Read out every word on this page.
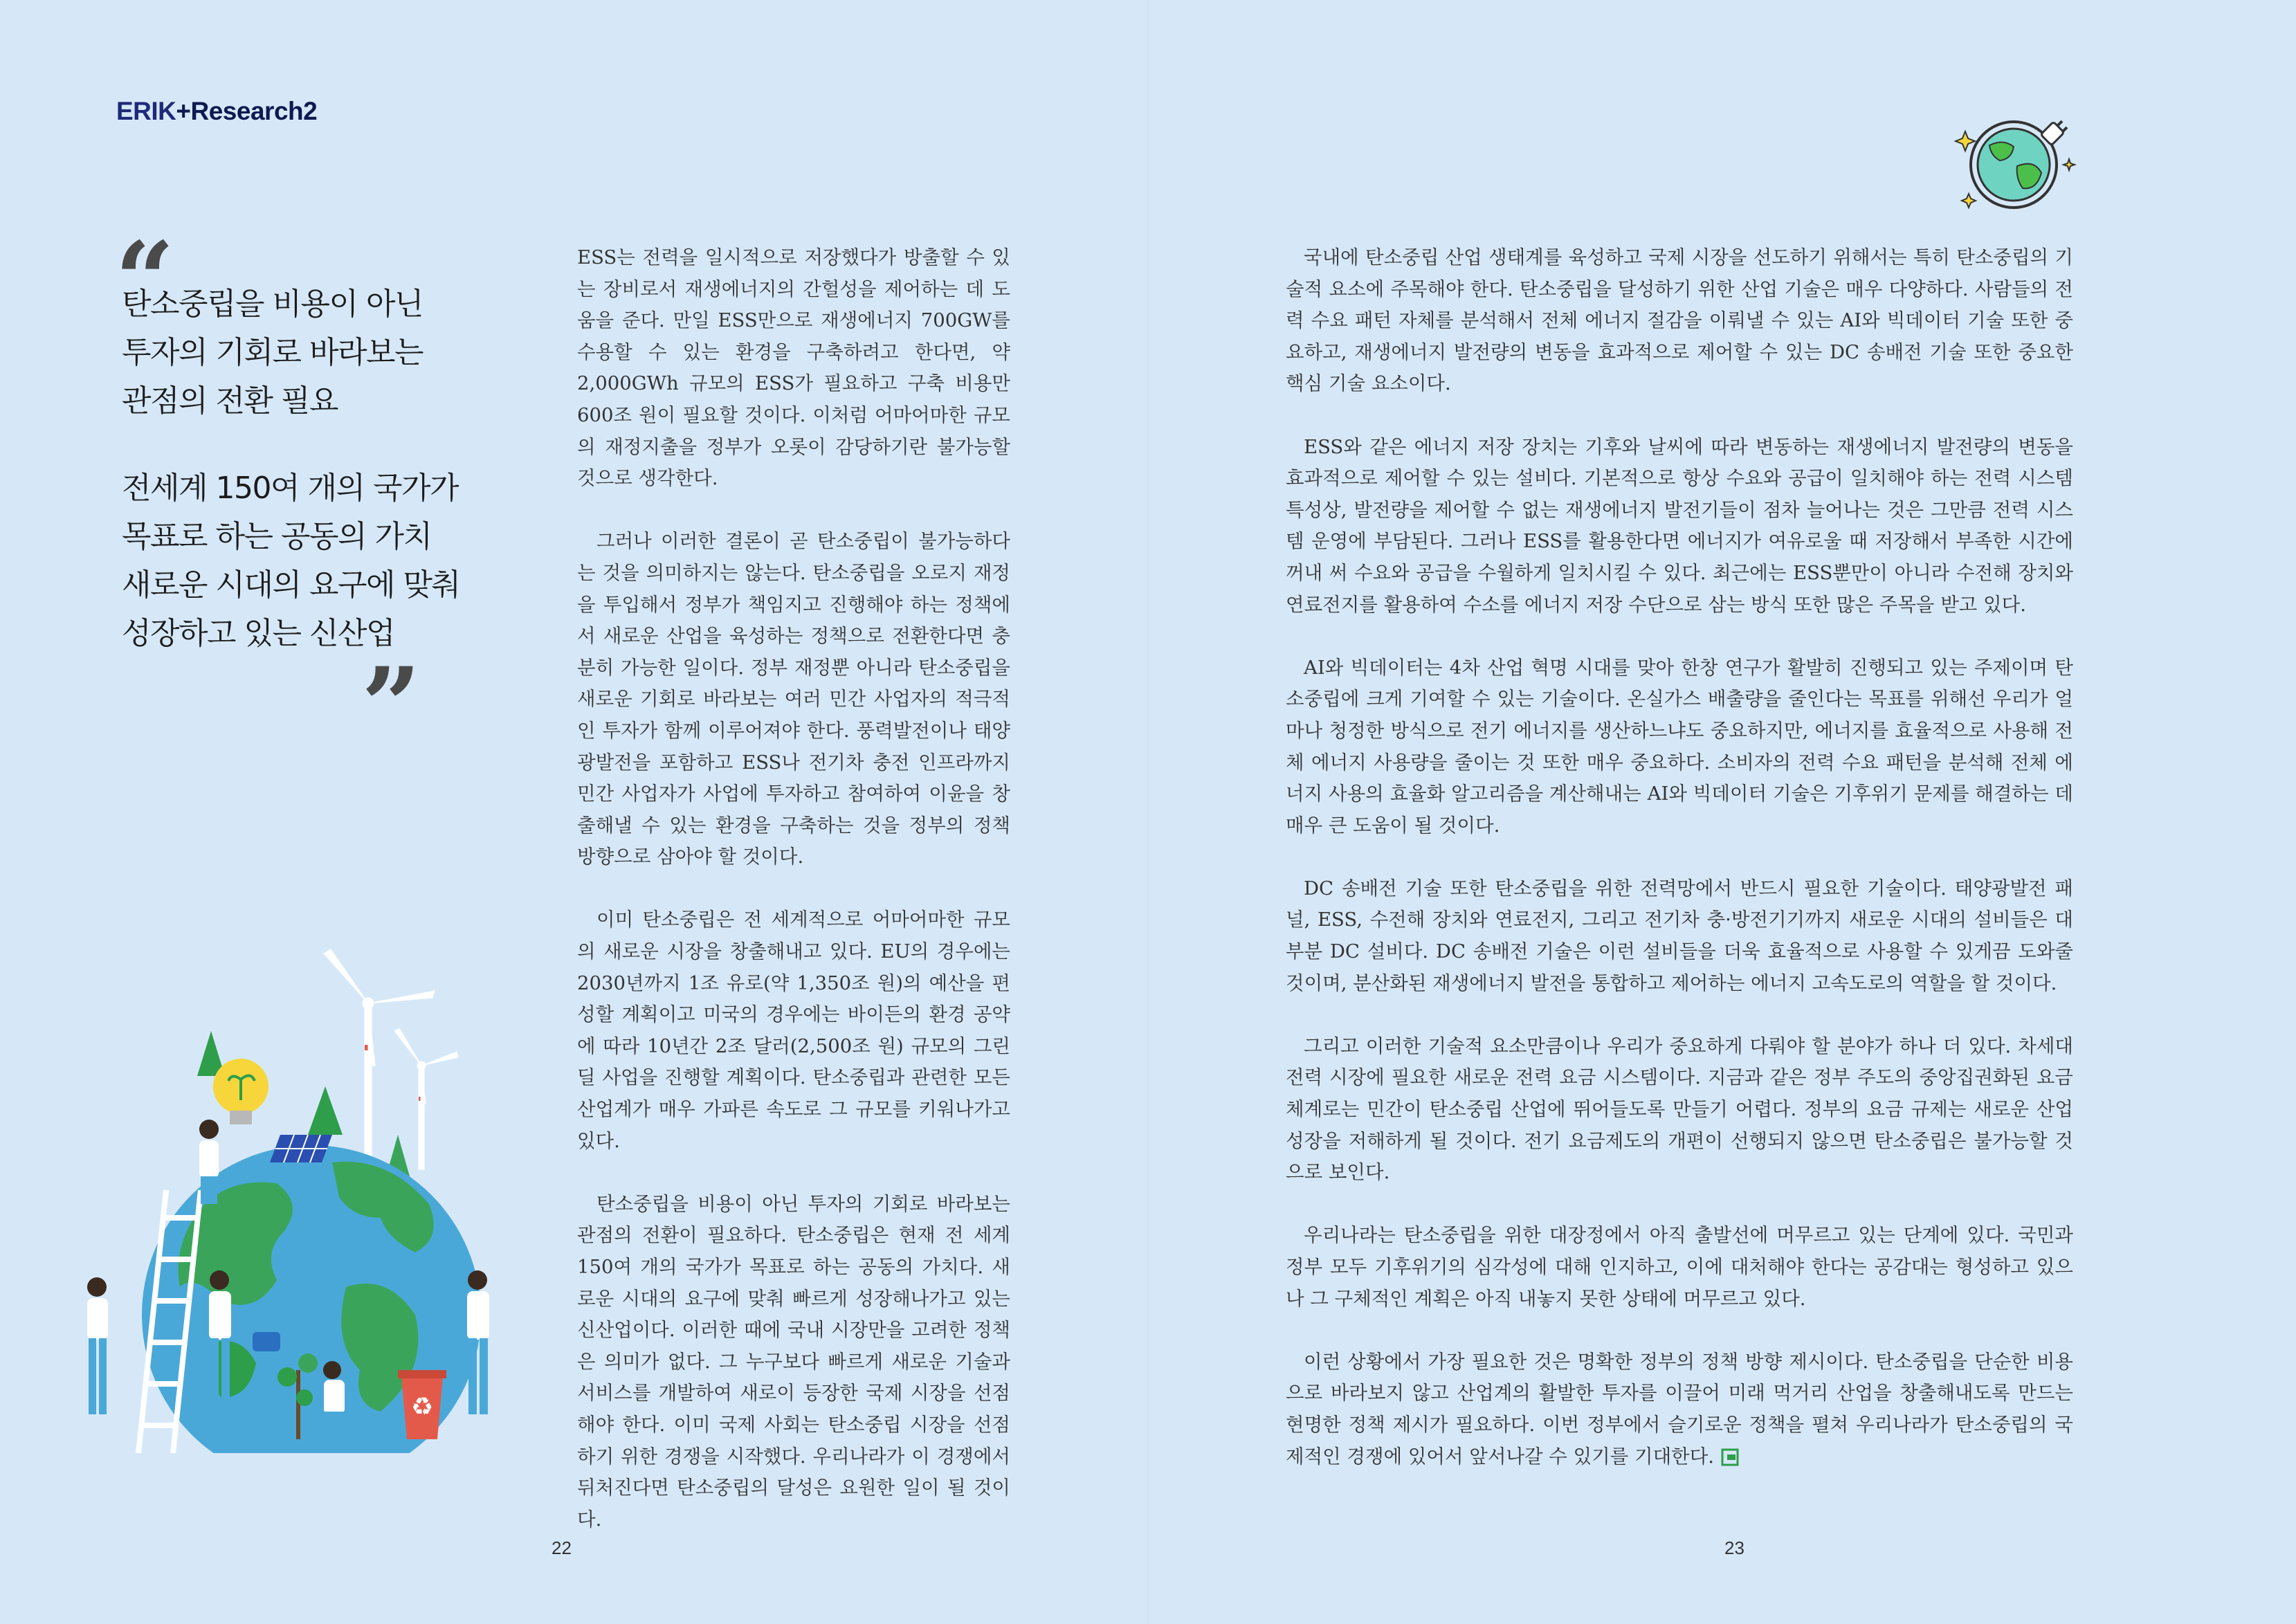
ERIK+Research2
“
탄소중립을 비용이 아닌
투자의 기회로 바라보는
관점의 전환 필요
전세계 150여 개의 국가가
목표로 하는 공동의 가치
새로운 시대의 요구에 맞춰
성장하고 있는 신산업
”
♻

ESS는 전력을 일시적으로 저장했다가 방출할 수 있는 장비로서 재생에너지의 간헐성을 제어하는 데 도움을 준다. 만일 ESS만으로 재생에너지 700GW를 수용할 수 있는 환경을 구축하려고 한다면, 약 2,000GWh 규모의 ESS가 필요하고 구축 비용만 600조 원이 필요할 것이다. 이처럼 어마어마한 규모의 재정지출을 정부가 오롯이 감당하기란 불가능할 것으로 생각한다.

그러나 이러한 결론이 곧 탄소중립이 불가능하다는 것을 의미하지는 않는다. 탄소중립을 오로지 재정을 투입해서 정부가 책임지고 진행해야 하는 정책에서 새로운 산업을 육성하는 정책으로 전환한다면 충분히 가능한 일이다. 정부 재정뿐 아니라 탄소중립을 새로운 기회로 바라보는 여러 민간 사업자의 적극적인 투자가 함께 이루어져야 한다. 풍력발전이나 태양광발전을 포함하고 ESS나 전기차 충전 인프라까지 민간 사업자가 사업에 투자하고 참여하여 이윤을 창출해낼 수 있는 환경을 구축하는 것을 정부의 정책 방향으로 삼아야 할 것이다.

이미 탄소중립은 전 세계적으로 어마어마한 규모의 새로운 시장을 창출해내고 있다. EU의 경우에는 2030년까지 1조 유로(약 1,350조 원)의 예산을 편성할 계획이고 미국의 경우에는 바이든의 환경 공약에 따라 10년간 2조 달러(2,500조 원) 규모의 그린딜 사업을 진행할 계획이다. 탄소중립과 관련한 모든 산업계가 매우 가파른 속도로 그 규모를 키워나가고 있다.

탄소중립을 비용이 아닌 투자의 기회로 바라보는 관점의 전환이 필요하다. 탄소중립은 현재 전 세계 150여 개의 국가가 목표로 하는 공동의 가치다. 새로운 시대의 요구에 맞춰 빠르게 성장해나가고 있는 신산업이다. 이러한 때에 국내 시장만을 고려한 정책은 의미가 없다. 그 누구보다 빠르게 새로운 기술과 서비스를 개발하여 새로이 등장한 국제 시장을 선점해야 한다. 이미 국제 사회는 탄소중립 시장을 선점하기 위한 경쟁을 시작했다. 우리나라가 이 경쟁에서 뒤처진다면 탄소중립의 달성은 요원한 일이 될 것이다.

22

국내에 탄소중립 산업 생태계를 육성하고 국제 시장을 선도하기 위해서는 특히 탄소중립의 기술적 요소에 주목해야 한다. 탄소중립을 달성하기 위한 산업 기술은 매우 다양하다. 사람들의 전력 수요 패턴 자체를 분석해서 전체 에너지 절감을 이뤄낼 수 있는 AI와 빅데이터 기술 또한 중요하고, 재생에너지 발전량의 변동을 효과적으로 제어할 수 있는 DC 송배전 기술 또한 중요한 핵심 기술 요소이다.

ESS와 같은 에너지 저장 장치는 기후와 날씨에 따라 변동하는 재생에너지 발전량의 변동을 효과적으로 제어할 수 있는 설비다. 기본적으로 항상 수요와 공급이 일치해야 하는 전력 시스템 특성상, 발전량을 제어할 수 없는 재생에너지 발전기들이 점차 늘어나는 것은 그만큼 전력 시스템 운영에 부담된다. 그러나 ESS를 활용한다면 에너지가 여유로울 때 저장해서 부족한 시간에 꺼내 써 수요와 공급을 수월하게 일치시킬 수 있다. 최근에는 ESS뿐만이 아니라 수전해 장치와 연료전지를 활용하여 수소를 에너지 저장 수단으로 삼는 방식 또한 많은 주목을 받고 있다.

AI와 빅데이터는 4차 산업 혁명 시대를 맞아 한창 연구가 활발히 진행되고 있는 주제이며 탄소중립에 크게 기여할 수 있는 기술이다. 온실가스 배출량을 줄인다는 목표를 위해선 우리가 얼마나 청정한 방식으로 전기 에너지를 생산하느냐도 중요하지만, 에너지를 효율적으로 사용해 전체 에너지 사용량을 줄이는 것 또한 매우 중요하다. 소비자의 전력 수요 패턴을 분석해 전체 에너지 사용의 효율화 알고리즘을 계산해내는 AI와 빅데이터 기술은 기후위기 문제를 해결하는 데 매우 큰 도움이 될 것이다.

DC 송배전 기술 또한 탄소중립을 위한 전력망에서 반드시 필요한 기술이다. 태양광발전 패널, ESS, 수전해 장치와 연료전지, 그리고 전기차 충·방전기기까지 새로운 시대의 설비들은 대부분 DC 설비다. DC 송배전 기술은 이런 설비들을 더욱 효율적으로 사용할 수 있게끔 도와줄 것이며, 분산화된 재생에너지 발전을 통합하고 제어하는 에너지 고속도로의 역할을 할 것이다.

그리고 이러한 기술적 요소만큼이나 우리가 중요하게 다뤄야 할 분야가 하나 더 있다. 차세대 전력 시장에 필요한 새로운 전력 요금 시스템이다. 지금과 같은 정부 주도의 중앙집권화된 요금 체계로는 민간이 탄소중립 산업에 뛰어들도록 만들기 어렵다. 정부의 요금 규제는 새로운 산업 성장을 저해하게 될 것이다. 전기 요금제도의 개편이 선행되지 않으면 탄소중립은 불가능할 것으로 보인다.

우리나라는 탄소중립을 위한 대장정에서 아직 출발선에 머무르고 있는 단계에 있다. 국민과 정부 모두 기후위기의 심각성에 대해 인지하고, 이에 대처해야 한다는 공감대는 형성하고 있으나 그 구체적인 계획은 아직 내놓지 못한 상태에 머무르고 있다.

이런 상황에서 가장 필요한 것은 명확한 정부의 정책 방향 제시이다. 탄소중립을 단순한 비용으로 바라보지 않고 산업계의 활발한 투자를 이끌어 미래 먹거리 산업을 창출해내도록 만드는 현명한 정책 제시가 필요하다. 이번 정부에서 슬기로운 정책을 펼쳐 우리나라가 탄소중립의 국제적인 경쟁에 있어서 앞서나갈 수 있기를 기대한다.

23
